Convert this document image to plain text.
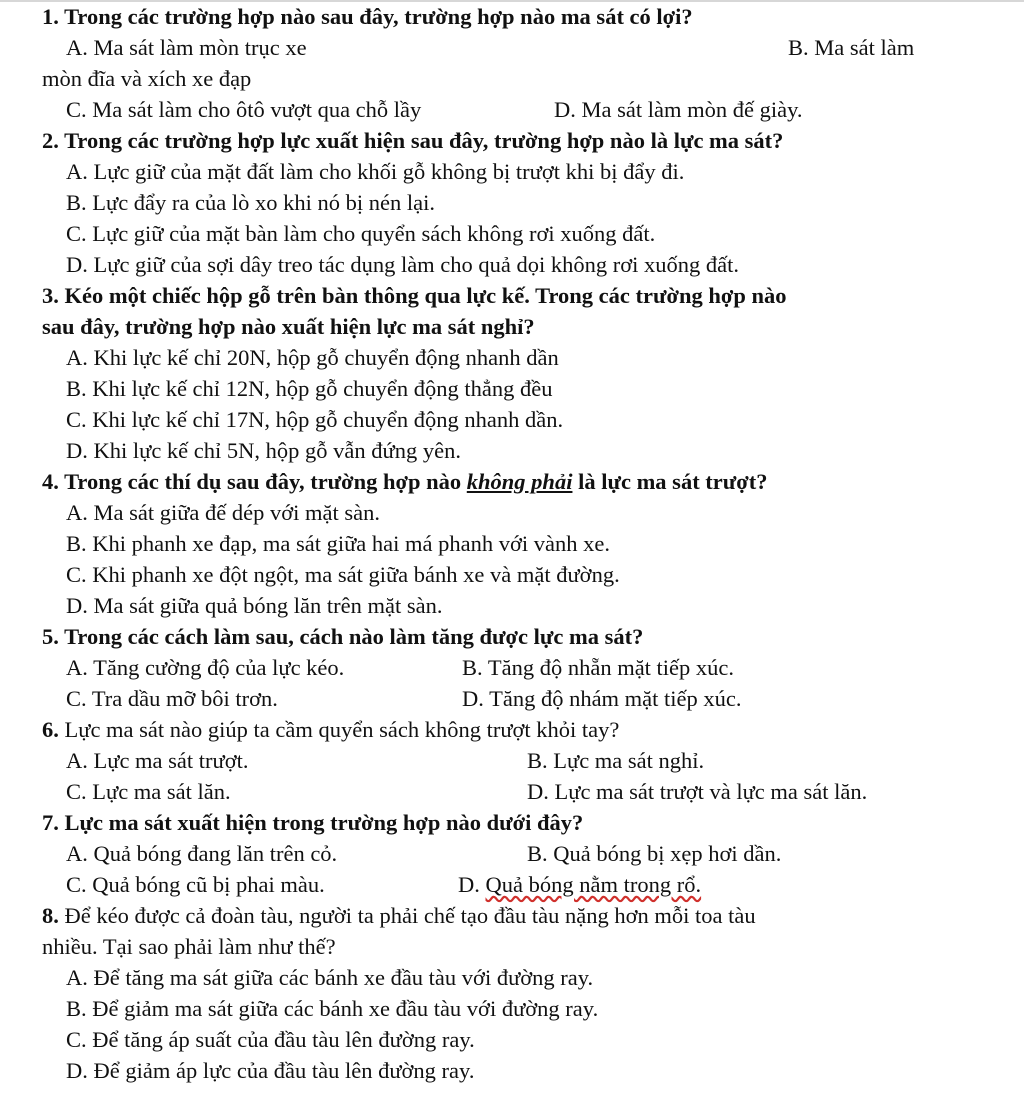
1. Trong các trường hợp nào sau đây, trường hợp nào ma sát có lợi?
A. Ma sát làm mòn trục xe	B. Ma sát làm
mòn đĩa và xích xe đạp
C. Ma sát làm cho ôtô vượt qua chỗ lầy	D. Ma sát làm mòn đế giày.
2. Trong các trường hợp lực xuất hiện sau đây, trường hợp nào là lực ma sát?
A. Lực giữ của mặt đất làm cho khối gỗ không bị trượt khi bị đẩy đi.
B. Lực đẩy ra của lò xo khi nó bị nén lại.
C. Lực giữ của mặt bàn làm cho quyển sách không rơi xuống đất.
D. Lực giữ của sợi dây treo tác dụng làm cho quả dọi không rơi xuống đất.
3. Kéo một chiếc hộp gỗ trên bàn thông qua lực kế. Trong các trường hợp nào
sau đây, trường hợp nào xuất hiện lực ma sát nghỉ?
A. Khi lực kế chỉ 20N, hộp gỗ chuyển động nhanh dần
B. Khi lực kế chỉ 12N, hộp gỗ chuyển động thẳng đều
C. Khi lực kế chỉ 17N, hộp gỗ chuyển động nhanh dần.
D. Khi lực kế chỉ 5N, hộp gỗ vẫn đứng yên.
4. Trong các thí dụ sau đây, trường hợp nào không phải là lực ma sát trượt?
A. Ma sát giữa đế dép với mặt sàn.
B. Khi phanh xe đạp, ma sát giữa hai má phanh với vành xe.
C. Khi phanh xe đột ngột, ma sát giữa bánh xe và mặt đường.
D. Ma sát giữa quả bóng lăn trên mặt sàn.
5. Trong các cách làm sau, cách nào làm tăng được lực ma sát?
A. Tăng cường độ của lực kéo.	B. Tăng độ nhẵn mặt tiếp xúc.
C. Tra dầu mỡ bôi trơn.	D. Tăng độ nhám mặt tiếp xúc.
6. Lực ma sát nào giúp ta cầm quyển sách không trượt khỏi tay?
A. Lực ma sát trượt.	B. Lực ma sát nghỉ.
C. Lực ma sát lăn.	D. Lực ma sát trượt và lực ma sát lăn.
7. Lực ma sát xuất hiện trong trường hợp nào dưới đây?
A. Quả bóng đang lăn trên cỏ.	B. Quả bóng bị xẹp hơi dần.
C. Quả bóng cũ bị phai màu.	D. Quả bóng nằm trong rổ.
8. Để kéo được cả đoàn tàu, người ta phải chế tạo đầu tàu nặng hơn mỗi toa tàu
nhiều. Tại sao phải làm như thế?
A. Để tăng ma sát giữa các bánh xe đầu tàu với đường ray.
B. Để giảm ma sát giữa các bánh xe đầu tàu với đường ray.
C. Để tăng áp suất của đầu tàu lên đường ray.
D. Để giảm áp lực của đầu tàu lên đường ray.
